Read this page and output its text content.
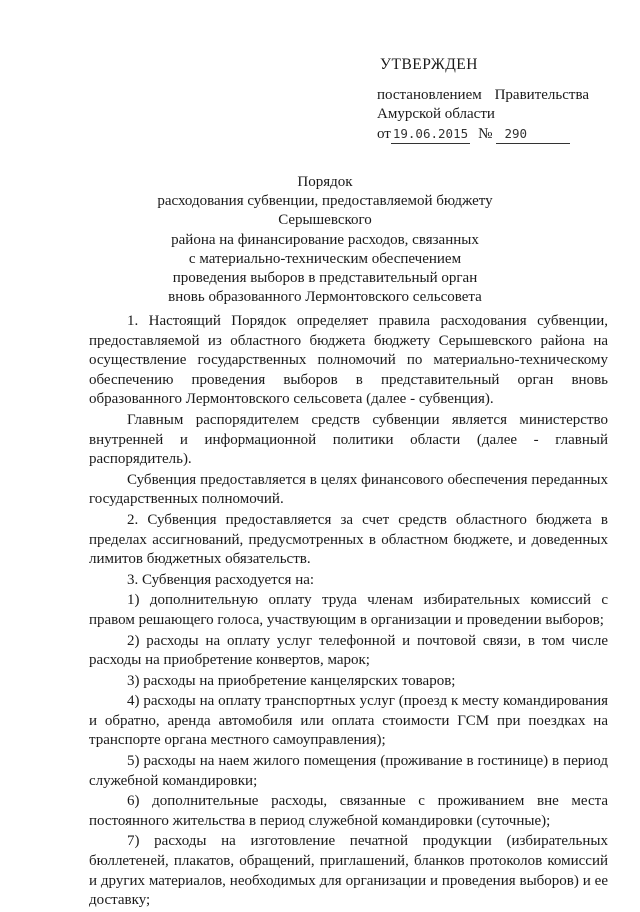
УТВЕРЖДЕН
постановлением Правительства
Амурской области
от 19.06.2015 № 290
Порядок
расходования субвенции, предоставляемой бюджету Серышевского
района на финансирование расходов, связанных
с материально-техническим обеспечением
проведения выборов в представительный орган
вновь образованного Лермонтовского сельсовета

1. Настоящий Порядок определяет правила расходования субвенции, предоставляемой из областного бюджета бюджету Серышевского района на осуществление государственных полномочий по материально-техническому обеспечению проведения выборов в представительный орган вновь образованного Лермонтовского сельсовета (далее - субвенция).

Главным распорядителем средств субвенции является министерство внутренней и информационной политики области (далее - главный распорядитель).

Субвенция предоставляется в целях финансового обеспечения переданных государственных полномочий.

2. Субвенция предоставляется за счет средств областного бюджета в пределах ассигнований, предусмотренных в областном бюджете, и доведенных лимитов бюджетных обязательств.

3. Субвенция расходуется на:

1) дополнительную оплату труда членам избирательных комиссий с правом решающего голоса, участвующим в организации и проведении выборов;

2) расходы на оплату услуг телефонной и почтовой связи, в том числе расходы на приобретение конвертов, марок;

3) расходы на приобретение канцелярских товаров;

4) расходы на оплату транспортных услуг (проезд к месту командирования и обратно, аренда автомобиля или оплата стоимости ГСМ при поездках на транспорте органа местного самоуправления);

5) расходы на наем жилого помещения (проживание в гостинице) в период служебной командировки;

6) дополнительные расходы, связанные с проживанием вне места постоянного жительства в период служебной командировки (суточные);

7) расходы на изготовление печатной продукции (избирательных бюллетеней, плакатов, обращений, приглашений, бланков протоколов комиссий и других материалов, необходимых для организации и проведения выборов) и ее доставку;
